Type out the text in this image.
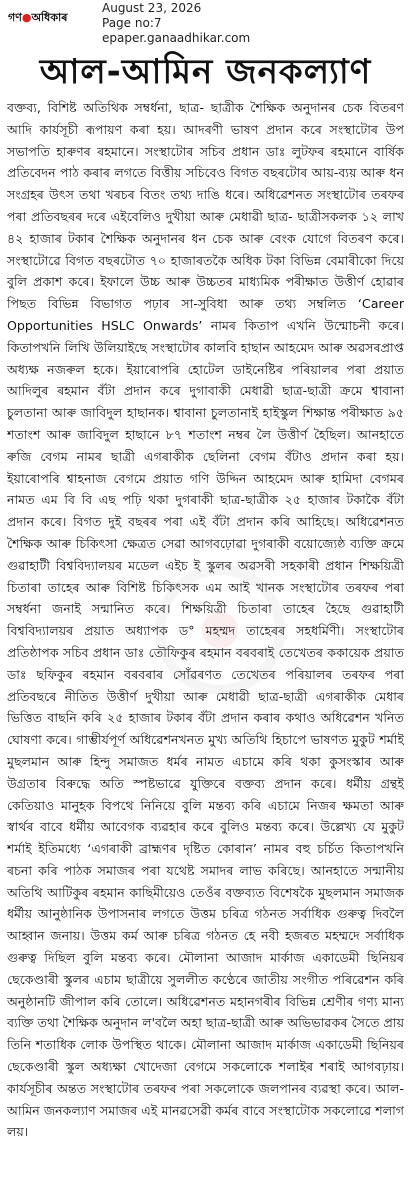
গণ●অধিকাৰ
August 23, 2026
Page no:7
epaper.ganaadhikar.com
আল-আমিন জনকল্যাণ

বক্তব্য, বিশিষ্ট অতিথিক সম্বৰ্ধনা, ছাত্ৰ- ছাত্ৰীক শৈক্ষিক অনুদানৰ চেক বিতৰণ আদি কাৰ্যসূচী ৰূপায়ণ কৰা হয়। আদৰণী ভাষণ প্ৰদান কৰে সংস্থাটোৰ উপ সভাপতি হাৰুণৰ ৰহমানে। সংস্থাটোৰ সচিব প্ৰধান ডাঃ লুটফৰ ৰহমানে বাৰ্ষিক প্ৰতিবেদন পাঠ কৰাৰ লগতে বিত্তীয় সচিবেও বিগত বছৰটোৰ আয়-ব্যয় আৰু ধন সংগ্ৰহৰ উৎস তথা খৰচৰ বিতং তথ্য দাঙি ধৰে। অধিৱেশনত সংস্থাটোৰ তৰফৰ পৰা প্ৰতিবছৰৰ দৰে এইবেলিও দুখীয়া আৰু মেধাৱী ছাত্ৰ- ছাত্ৰীসকলক ১২ লাখ ৪২ হাজাৰ টকাৰ শৈক্ষিক অনুদানৰ ধন চেক আৰু বেংক যোগে বিতৰণ কৰে। সংস্থাটোৱে বিগত বছৰটোত ৭০ হাজাৰতকৈ অধিক টকা বিভিন্ন বেমাৰীকো দিয়ে বুলি প্ৰকাশ কৰে। ইফালে উচ্চ আৰু উচ্চতৰ মাধ্যমিক পৰীক্ষাত উত্তীৰ্ণ হোৱাৰ পিছত বিভিন্ন বিভাগত পঢ়াৰ সা-সুবিধা আৰু তথ্য সম্বলিত ‘Career Opportunities HSLC Onwards’ নামৰ কিতাপ এখনি উন্মোচনী কৰে। কিতাপখনি লিখি উলিয়াইছে সংস্থাটোৰ কালবি হাছান আহমেদ আৰু অৱসৰপ্ৰাপ্ত অধ্যক্ষ নজৰুল হকে। ইয়াৰোপৰি হোটেল ডাইনেষ্টিৰ পৰিয়ালৰ পৰা প্ৰয়াত আদিলুৰ ৰহমান বঁটা প্ৰদান কৰে দুগাবাকী মেধাৱী ছাত্ৰ-ছাত্ৰী ক্ৰমে শ্বাবানা চুলতানা আৰু জাবিদুল হাছানক। শ্বাবানা চুলতানাই হাইস্কুল শিক্ষান্ত পৰীক্ষাত ৯৫ শতাংশ আৰু জাবিদুল হাছানে ৮৭ শতাংশ নম্বৰ লৈ উত্তীৰ্ণ হৈছিল। আনহাতে ৰুজি বেগম নামৰ ছাত্ৰী এগৰাকীক ছেলিনা বেগম বঁটাও প্ৰদান কৰা হয়। ইয়াৰোপৰি শ্বাহনাজ বেগমে প্ৰয়াত গণি উদ্দিন আহমেদ আৰু হামিদা বেগমৰ নামত এম বি বি এছ পঢ়ি থকা দুগৰাকী ছাত্ৰ-ছাত্ৰীক ২৫ হাজাৰ টকাকৈ বঁটা প্ৰদান কৰে। বিগত দুই বছৰৰ পৰা এই বঁটা প্ৰদান কৰি আহিছে। অধিৱেশনত শৈক্ষিক আৰু চিকিৎসা ক্ষেত্ৰত সেৱা আগবঢ়োৱা দুগৰাকী বয়োজ্যেষ্ঠ ব্যক্তি ক্ৰমে গুৱাহাটী বিশ্ববিদ্যালয়ৰ মডেল এইচ ই স্কুলৰ অৱসৰী সহকাৰী প্ৰধান শিক্ষয়িত্ৰী চিতাৰা তাহেৰ আৰু বিশিষ্ট চিকিৎসক এম আই খানক সংস্থাটোৰ তৰফৰ পৰা সম্বৰ্ধনা জনাই সন্মানিত কৰে। শিক্ষয়িত্ৰী চিতাৰা তাহেৰ হৈছে গুৱাহাটী বিশ্ববিদ্যালয়ৰ প্ৰয়াত অধ্যাপক ড° মহম্মদ তাহেৰৰ সহধৰ্মিণী। সংস্থাটোৰ প্ৰতিষ্ঠাপক সচিব প্ৰধান ডাঃ তৌফিকুৰ ৰহমান বৰবৰাই তেখেতৰ ককায়েক প্ৰয়াত ডাঃ ছফিকুৰ ৰহমান বৰবৰাৰ সোঁৱৰণত তেখেতৰ পৰিয়ালৰ তৰফৰ পৰা প্ৰতিবছৰে নীতিত উত্তীৰ্ণ দুখীয়া আৰু মেধাৱী ছাত্ৰ-ছাত্ৰী এগৰাকীক মেধাৰ ভিত্তিত বাছনি কৰি ২৫ হাজাৰ টকাৰ বঁটা প্ৰদান কৰাৰ কথাও অধিৱেশন খনিত ঘোষণা কৰে। গাম্ভীৰ্যপূৰ্ণ অধিৱেশনখনত মুখ্য অতিথি হিচাপে ভাষণত মুকুট শৰ্মাই মুছলমান আৰু হিন্দু সমাজত ধৰ্মৰ নামত এচামে কৰি থকা কুসংস্কাৰ আৰু উগ্ৰতাৰ বিৰুদ্ধে অতি স্পষ্টভাৱে যুক্তিৰে বক্তব্য প্ৰদান কৰে। ধৰ্মীয় গ্ৰন্থই কেতিয়াও মানুহক বিপথে নিনিয়ে বুলি মন্তব্য কৰি এচামে নিজৰ ক্ষমতা আৰু স্বাৰ্থৰ বাবে ধৰ্মীয় আবেগক ব্যৱহাৰ কৰে বুলিও মন্তব্য কৰে। উল্লেখ্য যে মুকুট শৰ্মাই ইতিমধ্যে ‘এগৰাকী ব্ৰাহ্মণৰ দৃষ্টিত কোৰান’ নামৰ বহু চৰ্চিত কিতাপখনি ৰচনা কৰি পাঠক সমাজৰ পৰা যথেষ্ট সমাদৰ লাভ কৰিছে। আনহাতে সন্মানীয় অতিথি আটিকুৰ ৰহমান কাছিমীয়েও তেওঁৰ বক্তব্যত বিশেষকৈ মুছলমান সমাজক ধৰ্মীয় আনুষ্ঠানিক উপাসনাৰ লগতে উত্তম চৰিত্ৰ গঠনত সৰ্বাধিক গুৰুত্ব দিবলৈ আহ্বান জনায়। উত্তম কৰ্ম আৰু চৰিত্ৰ গঠনত হে নবী হজৰত মহম্মদে সৰ্বাধিক গুৰুত্ব দিছিল বুলি মন্তব্য কৰে। মৌলানা আজাদ মাৰ্কাজ একাডেমী ছিনিয়ৰ ছেকেণ্ডাৰী স্কুলৰ এচাম ছাত্ৰীয়ে সুললীত কণ্ঠেৰে জাতীয় সংগীত পৰিৱেশন কৰি অনুষ্ঠানটি জীপাল কৰি তোলে। অধিৱেশনত মহানগৰীৰ বিভিন্ন শ্ৰেণীৰ গণ্য মান্য ব্যক্তি তথা শৈক্ষিক অনুদান ল'বলৈ অহা ছাত্ৰ-ছাত্ৰী আৰু অভিভাৱকৰ সৈতে প্ৰায় তিনি শতাধিক লোক উপস্থিত থাকে। মৌলানা আজাদ মাৰ্কাজ একাডেমী ছিনিয়ৰ ছেকেণ্ডাৰী স্কুল অধ্যক্ষা খোদেজা বেগমে সকলোকে শলাইৰ শৰাই আগবঢ়ায়। কাৰ্যসূচীৰ অন্তত সংস্থাটোৰ তৰফৰ পৰা সকলোকে জলপানৰ ব্যৱস্থা কৰে। আল-আমিন জনকল্যাণ সমাজৰ এই মানৱসেৱী কৰ্মৰ বাবে সংস্থাটোক সকলোৱে শলাগ লয়।
